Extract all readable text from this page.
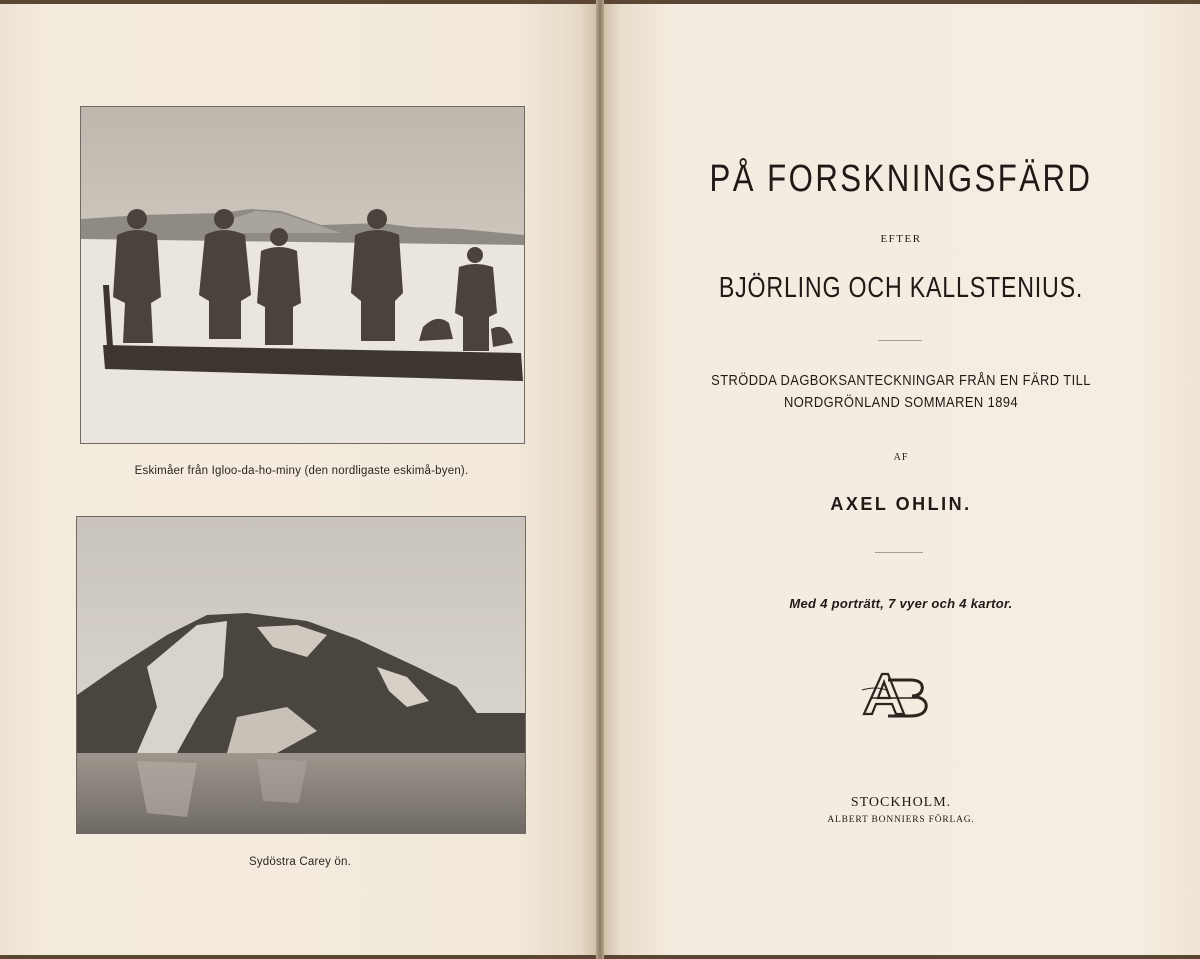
Eskimåer från Igloo-da-ho-miny (den nordligaste eskimå-byen).
Sydöstra Carey ön.
PÅ FORSKNINGSFÄRD
EFTER
BJÖRLING OCH KALLSTENIUS.
STRÖDDA DAGBOKSANTECKNINGAR FRÅN EN FÄRD TILL
NORDGRÖNLAND SOMMAREN 1894
AF
AXEL OHLIN.
Med 4 porträtt, 7 vyer och 4 kartor.
STOCKHOLM.
ALBERT BONNIERS FÖRLAG.
